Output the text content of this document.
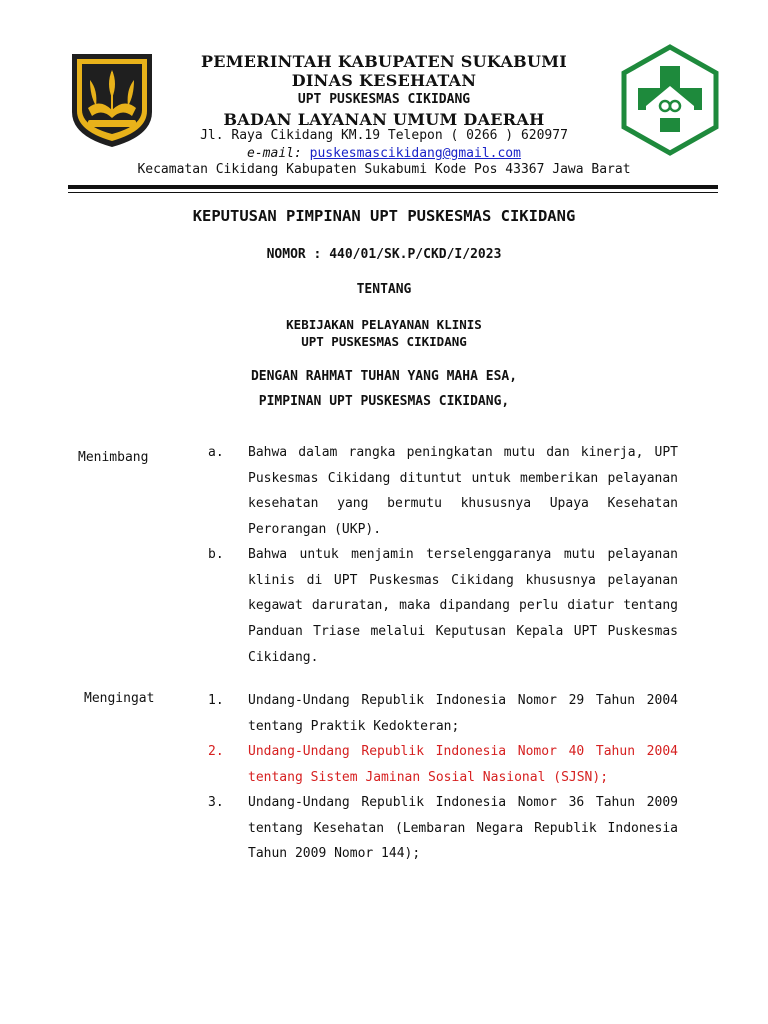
PEMERINTAH KABUPATEN SUKABUMI
DINAS KESEHATAN
UPT PUSKESMAS CIKIDANG
BADAN LAYANAN UMUM DAERAH
Jl. Raya Cikidang KM.19 Telepon ( 0266 ) 620977
e-mail: puskesmascikidang@gmail.com
Kecamatan Cikidang Kabupaten Sukabumi Kode Pos 43367 Jawa Barat
KEPUTUSAN PIMPINAN UPT PUSKESMAS CIKIDANG
NOMOR : 440/01/SK.P/CKD/I/2023
TENTANG
KEBIJAKAN PELAYANAN KLINIS
UPT PUSKESMAS CIKIDANG
DENGAN RAHMAT TUHAN YANG MAHA ESA,
PIMPINAN UPT PUSKESMAS CIKIDANG,
Menimbang	a. Bahwa dalam rangka peningkatan mutu dan kinerja, UPT Puskesmas Cikidang dituntut untuk memberikan pelayanan kesehatan yang bermutu khususnya Upaya Kesehatan Perorangan (UKP).
b. Bahwa untuk menjamin terselenggaranya mutu pelayanan klinis di UPT Puskesmas Cikidang khususnya pelayanan kegawat daruratan, maka dipandang perlu diatur tentang Panduan Triase melalui Keputusan Kepala UPT Puskesmas Cikidang.
Mengingat	1. Undang-Undang Republik Indonesia Nomor 29 Tahun 2004 tentang Praktik Kedokteran;
2. Undang-Undang Republik Indonesia Nomor 40 Tahun 2004 tentang Sistem Jaminan Sosial Nasional (SJSN);
3. Undang-Undang Republik Indonesia Nomor 36 Tahun 2009 tentang Kesehatan (Lembaran Negara Republik Indonesia Tahun 2009 Nomor 144);
